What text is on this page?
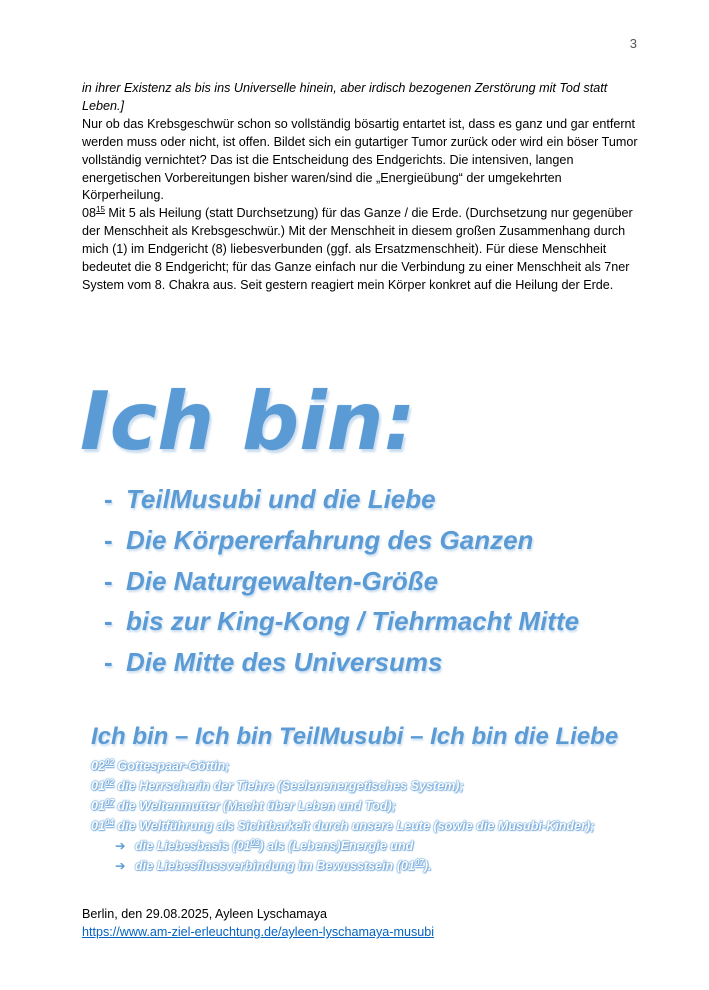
3

in ihrer Existenz als bis ins Universelle hinein, aber irdisch bezogenen Zerstörung mit Tod statt Leben.]

Nur ob das Krebsgeschwür schon so vollständig bösartig entartet ist, dass es ganz und gar entfernt werden muss oder nicht, ist offen. Bildet sich ein gutartiger Tumor zurück oder wird ein böser Tumor vollständig vernichtet? Das ist die Entscheidung des Endgerichts. Die intensiven, langen energetischen Vorbereitungen bisher waren/sind die „Energieübung“ der umgekehrten Körperheilung.

$08^{15}$ Mit 5 als Heilung (statt Durchsetzung) für das Ganze / die Erde. (Durchsetzung nur gegenüber der Menschheit als Krebsgeschwür.) Mit der Menschheit in diesem großen Zusammenhang durch mich (1) im Endgericht (8) liebesverbunden (ggf. als Ersatzmenschheit). Für diese Menschheit bedeutet die 8 Endgericht; für das Ganze einfach nur die Verbindung zu einer Menschheit als 7ner System vom 8. Chakra aus. Seit gestern reagiert mein Körper konkret auf die Heilung der Erde.

Ich bin:
- TeilMusubi und die Liebe
- Die Körpererfahrung des Ganzen
- Die Naturgewalten-Größe
- bis zur King-Kong / Tiehrmacht Mitte
- Die Mitte des Universums
Ich bin – Ich bin TeilMusubi – Ich bin die Liebe
$02^{02}$ Gottespaar-Göttin;
$01^{02}$ die Herrscherin der Tiehre (Seelenenergetisches System);
$01^{07}$ die Weltenmutter (Macht über Leben und Tod);
$01^{04}$ die Weltführung als Sichtbarkeit durch unsere Leute (sowie die Musubi-Kinder);
➔ die Liebesbasis $(01^{03})$ als (Lebens)Energie und
➔ die Liebesflussverbindung im Bewusstsein $(01^{07})$.
Berlin, den 29.08.2025, Ayleen Lyschamaya
https://www.am-ziel-erleuchtung.de/ayleen-lyschamaya-musubi
